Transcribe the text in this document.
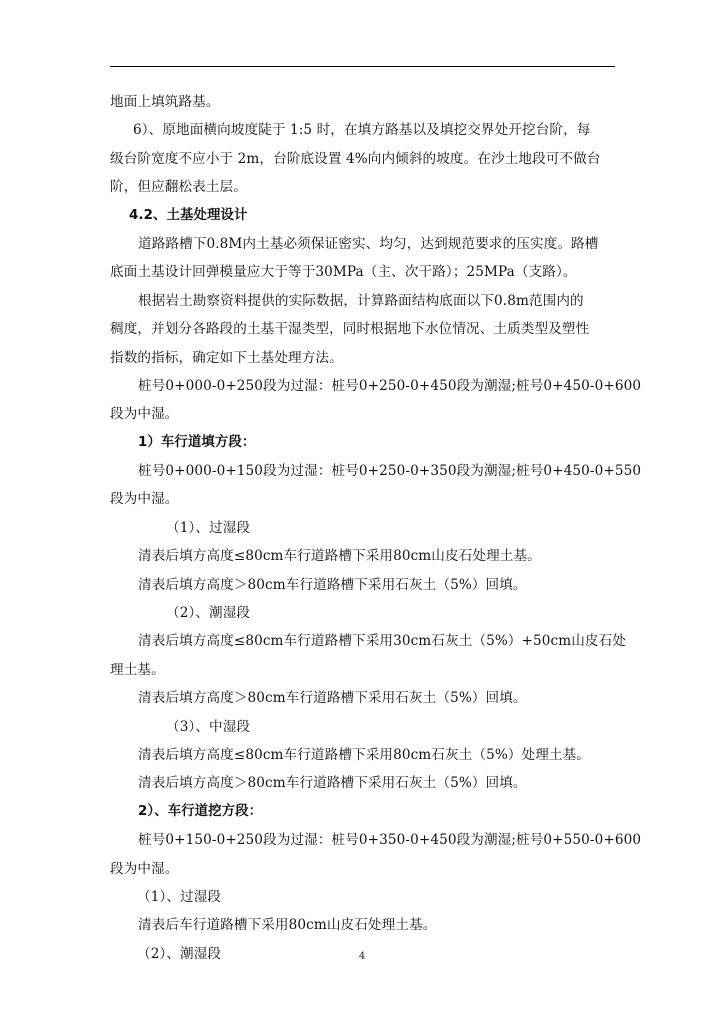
地面上填筑路基。
6）、原地面横向坡度陡于 1:5 时，在填方路基以及填挖交界处开挖台阶，每
级台阶宽度不应小于 2m，台阶底设置 4%向内倾斜的坡度。在沙土地段可不做台
阶，但应翻松表土层。
4.2、土基处理设计
道路路槽下0.8M内土基必须保证密实、均匀，达到规范要求的压实度。路槽
底面土基设计回弹模量应大于等于30MPa（主、次干路）；25MPa（支路）。
根据岩土勘察资料提供的实际数据，计算路面结构底面以下0.8m范围内的
稠度，并划分各路段的土基干湿类型，同时根据地下水位情况、土质类型及塑性
指数的指标，确定如下土基处理方法。
桩号0+000-0+250段为过湿：桩号0+250-0+450段为潮湿;桩号0+450-0+600
段为中湿。
1）车行道填方段：
桩号0+000-0+150段为过湿：桩号0+250-0+350段为潮湿;桩号0+450-0+550
段为中湿。
（1）、过湿段
清表后填方高度≤80cm车行道路槽下采用80cm山皮石处理土基。
清表后填方高度＞80cm车行道路槽下采用石灰土（5%）回填。
（2）、潮湿段
清表后填方高度≤80cm车行道路槽下采用30cm石灰土（5%）+50cm山皮石处
理土基。
清表后填方高度＞80cm车行道路槽下采用石灰土（5%）回填。
（3）、中湿段
清表后填方高度≤80cm车行道路槽下采用80cm石灰土（5%）处理土基。
清表后填方高度＞80cm车行道路槽下采用石灰土（5%）回填。
2）、车行道挖方段：
桩号0+150-0+250段为过湿：桩号0+350-0+450段为潮湿;桩号0+550-0+600
段为中湿。
（1）、过湿段
清表后车行道路槽下采用80cm山皮石处理土基。
（2）、潮湿段	4
